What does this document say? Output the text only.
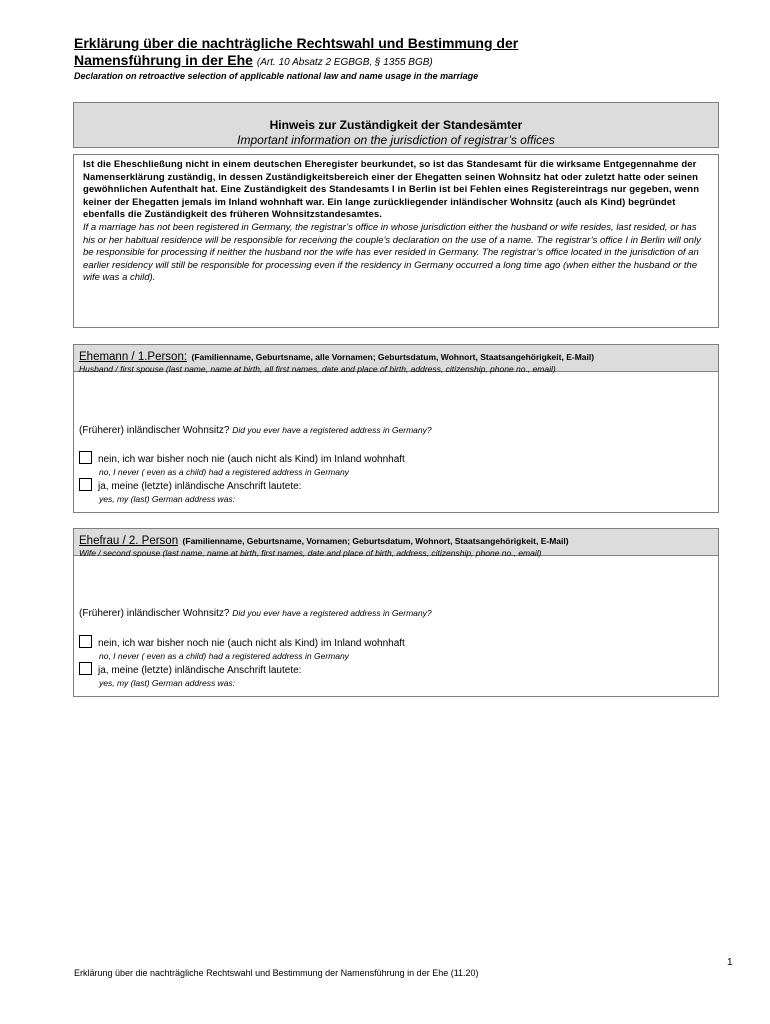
Erklärung über die nachträgliche Rechtswahl und Bestimmung der
Namensführung in der Ehe (Art. 10 Absatz 2 EGBGB, § 1355 BGB)
Declaration on retroactive selection of applicable national law and name usage in the marriage
Hinweis zur Zuständigkeit der Standesämter
Important information on the jurisdiction of registrar’s offices
Ist die Eheschließung nicht in einem deutschen Eheregister beurkundet, so ist das Standesamt für die wirksame Entgegennahme der Namenserklärung zuständig, in dessen Zuständigkeitsbereich einer der Ehegatten seinen Wohnsitz hat oder zuletzt hatte oder seinen gewöhnlichen Aufenthalt hat. Eine Zuständigkeit des Standesamts I in Berlin ist bei Fehlen eines Registereintrags nur gegeben, wenn keiner der Ehegatten jemals im Inland wohnhaft war. Ein lange zurückliegender inländischer Wohnsitz (auch als Kind) begründet ebenfalls die Zuständigkeit des früheren Wohnsitzstandesamtes.
If a marriage has not been registered in Germany, the registrar’s office in whose jurisdiction either the husband or wife resides, last resided, or has his or her habitual residence will be responsible for receiving the couple’s declaration on the use of a name. The registrar’s office I in Berlin will only be responsible for processing if neither the husband nor the wife has ever resided in Germany. The registrar’s office located in the jurisdiction of an earlier residency will still be responsible for processing even if the residency in Germany occurred a long time ago (when either the husband or the wife was a child).
Ehemann / 1.Person: (Familienname, Geburtsname, alle Vornamen; Geburtsdatum, Wohnort, Staatsangehörigkeit, E-Mail)
Husband / first spouse (last name, name at birth, all first names, date and place of birth, address, citizenship, phone no., email)
(Früherer) inländischer Wohnsitz? Did you ever have a registered address in Germany?
nein, ich war bisher noch nie (auch nicht als Kind) im Inland wohnhaft
no, I never ( even as a child) had a registered address in Germany
ja, meine (letzte) inländische Anschrift lautete:
yes, my (last) German address was:
Ehefrau / 2. Person (Familienname, Geburtsname, Vornamen; Geburtsdatum, Wohnort, Staatsangehörigkeit, E-Mail)
Wife / second spouse (last name, name at birth, first names, date and place of birth, address, citizenship, phone no., email)
(Früherer) inländischer Wohnsitz? Did you ever have a registered address in Germany?
nein, ich war bisher noch nie (auch nicht als Kind) im Inland wohnhaft
no, I never ( even as a child) had a registered address in Germany
ja, meine (letzte) inländische Anschrift lautete:
yes, my (last) German address was:
1
Erklärung über die nachträgliche Rechtswahl und Bestimmung der Namensführung in der Ehe (11.20)
